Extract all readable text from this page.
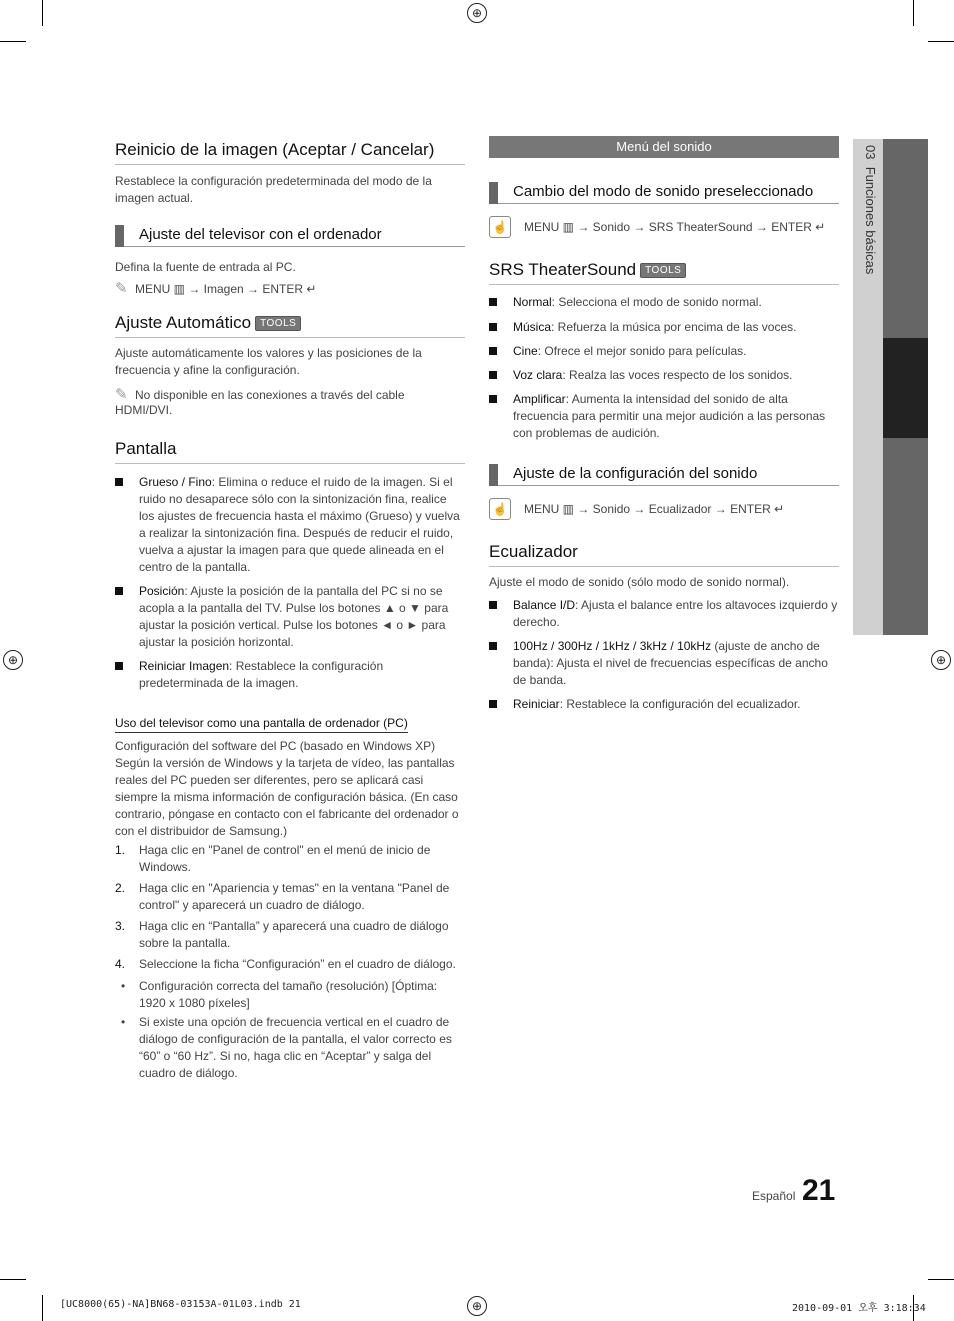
⊕
⊕	⊕
⊕
03  Funciones básicas
Reinicio de la imagen (Aceptar / Cancelar)

Restablece la configuración predeterminada del modo de la imagen actual.

Ajuste del televisor con el ordenador

Defina la fuente de entrada al PC.

✎ MENU ▥ → Imagen → ENTER ↵
Ajuste Automático TOOLS

Ajuste automáticamente los valores y las posiciones de la frecuencia y afine la configuración.

✎ No disponible en las conexiones a través del cable HDMI/DVI.
Pantalla
Grueso / Fino: Elimina o reduce el ruido de la imagen. Si el ruido no desaparece sólo con la sintonización fina, realice los ajustes de frecuencia hasta el máximo (Grueso) y vuelva a realizar la sintonización fina. Después de reducir el ruido, vuelva a ajustar la imagen para que quede alineada en el centro de la pantalla.
Posición: Ajuste la posición de la pantalla del PC si no se acopla a la pantalla del TV. Pulse los botones ▲ o ▼ para ajustar la posición vertical. Pulse los botones ◄ o ► para ajustar la posición horizontal.
Reiniciar Imagen: Restablece la configuración predeterminada de la imagen.
Uso del televisor como una pantalla de ordenador (PC)

Configuración del software del PC (basado en Windows XP) Según la versión de Windows y la tarjeta de vídeo, las pantallas reales del PC pueden ser diferentes, pero se aplicará casi siempre la misma información de configuración básica. (En caso contrario, póngase en contacto con el fabricante del ordenador o con el distribuidor de Samsung.)

1. Haga clic en "Panel de control" en el menú de inicio de Windows.
2. Haga clic en "Apariencia y temas" en la ventana "Panel de control" y aparecerá un cuadro de diálogo.
3. Haga clic en “Pantalla” y aparecerá una cuadro de diálogo sobre la pantalla.
4. Seleccione la ficha “Configuración” en el cuadro de diálogo.
• Configuración correcta del tamaño (resolución) [Óptima: 1920 x 1080 píxeles]
• Si existe una opción de frecuencia vertical en el cuadro de diálogo de configuración de la pantalla, el valor correcto es “60” o “60 Hz”. Si no, haga clic en “Aceptar” y salga del cuadro de diálogo.
Menú del sonido
Cambio del modo de sonido preseleccionado
☝ MENU ▥ → Sonido → SRS TheaterSound → ENTER ↵
SRS TheaterSound TOOLS
Normal: Selecciona el modo de sonido normal.
Música: Refuerza la música por encima de las voces.
Cine: Ofrece el mejor sonido para películas.
Voz clara: Realza las voces respecto de los sonidos.
Amplificar: Aumenta la intensidad del sonido de alta frecuencia para permitir una mejor audición a las personas con problemas de audición.
Ajuste de la configuración del sonido
☝ MENU ▥ → Sonido → Ecualizador → ENTER ↵
Ecualizador

Ajuste el modo de sonido (sólo modo de sonido normal).

Balance I/D: Ajusta el balance entre los altavoces izquierdo y derecho.
100Hz / 300Hz / 1kHz / 3kHz / 10kHz (ajuste de ancho de banda): Ajusta el nivel de frecuencias específicas de ancho de banda.
Reiniciar: Restablece la configuración del ecualizador.
Español 21
[UC8000(65)-NA]BN68-03153A-01L03.indb 21	2010-09-01 오후 3:18:34
